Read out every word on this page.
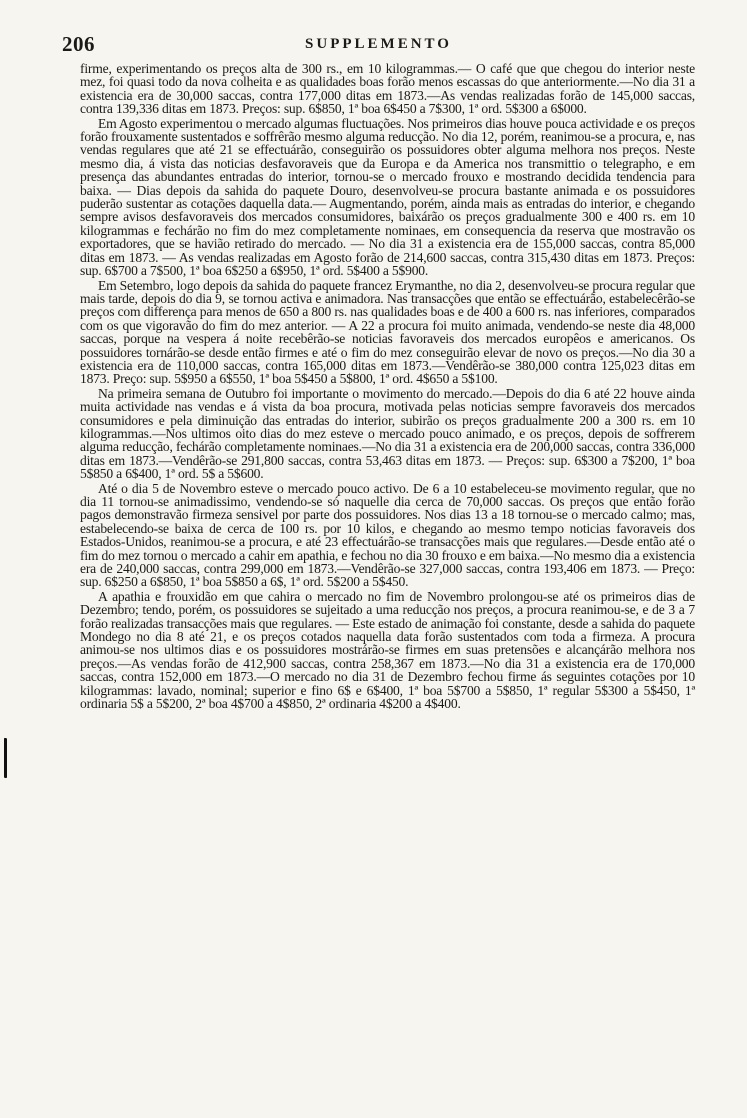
206	SUPPLEMENTO

firme, experimentando os preços alta de 300 rs., em 10 kilogrammas.— O café que que chegou do interior neste mez, foi quasi todo da nova colheita e as qualidades boas forão menos escassas do que anteriormente.—No dia 31 a existencia era de 30,000 saccas, contra 177,000 ditas em 1873.—As vendas realizadas forão de 145,000 saccas, contra 139,336 ditas em 1873. Preços: sup. 6$850, 1ª boa 6$450 a 7$300, 1ª ord. 5$300 a 6$000.

Em Agosto experimentou o mercado algumas fluctuações. Nos primeiros dias houve pouca actividade e os preços forão frouxamente sustentados e soffrêrão mesmo alguma reducção. No dia 12, porém, reanimou-se a procura, e, nas vendas regulares que até 21 se effectuárão, conseguirão os possuidores obter alguma melhora nos preços. Neste mesmo dia, á vista das noticias desfavoraveis que da Europa e da America nos transmittio o telegrapho, e em presença das abundantes entradas do interior, tornou-se o mercado frouxo e mostrando decidida tendencia para baixa. — Dias depois da sahida do paquete Douro, desenvolveu-se procura bastante animada e os possuidores puderão sustentar as cotações daquella data.— Augmentando, porém, ainda mais as entradas do interior, e chegando sempre avisos desfavoraveis dos mercados consumidores, baixárão os preços gradualmente 300 e 400 rs. em 10 kilogrammas e fechárão no fim do mez completamente nominaes, em consequencia da reserva que mostravão os exportadores, que se havião retirado do mercado. — No dia 31 a existencia era de 155,000 saccas, contra 85,000 ditas em 1873. — As vendas realizadas em Agosto forão de 214,600 saccas, contra 315,430 ditas em 1873. Preços: sup. 6$700 a 7$500, 1ª boa 6$250 a 6$950, 1ª ord. 5$400 a 5$900.

Em Setembro, logo depois da sahida do paquete francez Erymanthe, no dia 2, desenvolveu-se procura regular que mais tarde, depois do dia 9, se tornou activa e animadora. Nas transacções que então se effectuárão, estabelecêrão-se preços com differença para menos de 650 a 800 rs. nas qualidades boas e de 400 a 600 rs. nas inferiores, comparados com os que vigoravão do fim do mez anterior. — A 22 a procura foi muito animada, vendendo-se neste dia 48,000 saccas, porque na vespera á noite recebêrão-se noticias favoraveis dos mercados europêos e americanos. Os possuidores tornárão-se desde então firmes e até o fim do mez conseguirão elevar de novo os preços.—No dia 30 a existencia era de 110,000 saccas, contra 165,000 ditas em 1873.—Vendêrão-se 380,000 contra 125,023 ditas em 1873. Preço: sup. 5$950 a 6$550, 1ª boa 5$450 a 5$800, 1ª ord. 4$650 a 5$100.

Na primeira semana de Outubro foi importante o movimento do mercado.—Depois do dia 6 até 22 houve ainda muita actividade nas vendas e á vista da boa procura, motivada pelas noticias sempre favoraveis dos mercados consumidores e pela diminuição das entradas do interior, subirão os preços gradualmente 200 a 300 rs. em 10 kilogrammas.—Nos ultimos oito dias do mez esteve o mercado pouco animado, e os preços, depois de soffrerem alguma reducção, fechárão completamente nominaes.—No dia 31 a existencia era de 200,000 saccas, contra 336,000 ditas em 1873.—Vendêrão-se 291,800 saccas, contra 53,463 ditas em 1873. — Preços: sup. 6$300 a 7$200, 1ª boa 5$850 a 6$400, 1ª ord. 5$ a 5$600.

Até o dia 5 de Novembro esteve o mercado pouco activo. De 6 a 10 estabeleceu-se movimento regular, que no dia 11 tornou-se animadissimo, vendendo-se só naquelle dia cerca de 70,000 saccas. Os preços que então forão pagos demonstravão firmeza sensivel por parte dos possuidores. Nos dias 13 a 18 tornou-se o mercado calmo; mas, estabelecendo-se baixa de cerca de 100 rs. por 10 kilos, e chegando ao mesmo tempo noticias favoraveis dos Estados-Unidos, reanimou-se a procura, e até 23 effectuárão-se transacções mais que regulares.—Desde então até o fim do mez tornou o mercado a cahir em apathia, e fechou no dia 30 frouxo e em baixa.—No mesmo dia a existencia era de 240,000 saccas, contra 299,000 em 1873.—Vendêrão-se 327,000 saccas, contra 193,406 em 1873. — Preço: sup. 6$250 a 6$850, 1ª boa 5$850 a 6$, 1ª ord. 5$200 a 5$450.

A apathia e frouxidão em que cahira o mercado no fim de Novembro prolongou-se até os primeiros dias de Dezembro; tendo, porém, os possuidores se sujeitado a uma reducção nos preços, a procura reanimou-se, e de 3 a 7 forão realizadas transacções mais que regulares. — Este estado de animação foi constante, desde a sahida do paquete Mondego no dia 8 até 21, e os preços cotados naquella data forão sustentados com toda a firmeza. A procura animou-se nos ultimos dias e os possuidores mostrárão-se firmes em suas pretensões e alcançárão melhora nos preços.—As vendas forão de 412,900 saccas, contra 258,367 em 1873.—No dia 31 a existencia era de 170,000 saccas, contra 152,000 em 1873.—O mercado no dia 31 de Dezembro fechou firme ás seguintes cotações por 10 kilogrammas: lavado, nominal; superior e fino 6$ e 6$400, 1ª boa 5$700 a 5$850, 1ª regular 5$300 a 5$450, 1ª ordinaria 5$ a 5$200, 2ª boa 4$700 a 4$850, 2ª ordinaria 4$200 a 4$400.
